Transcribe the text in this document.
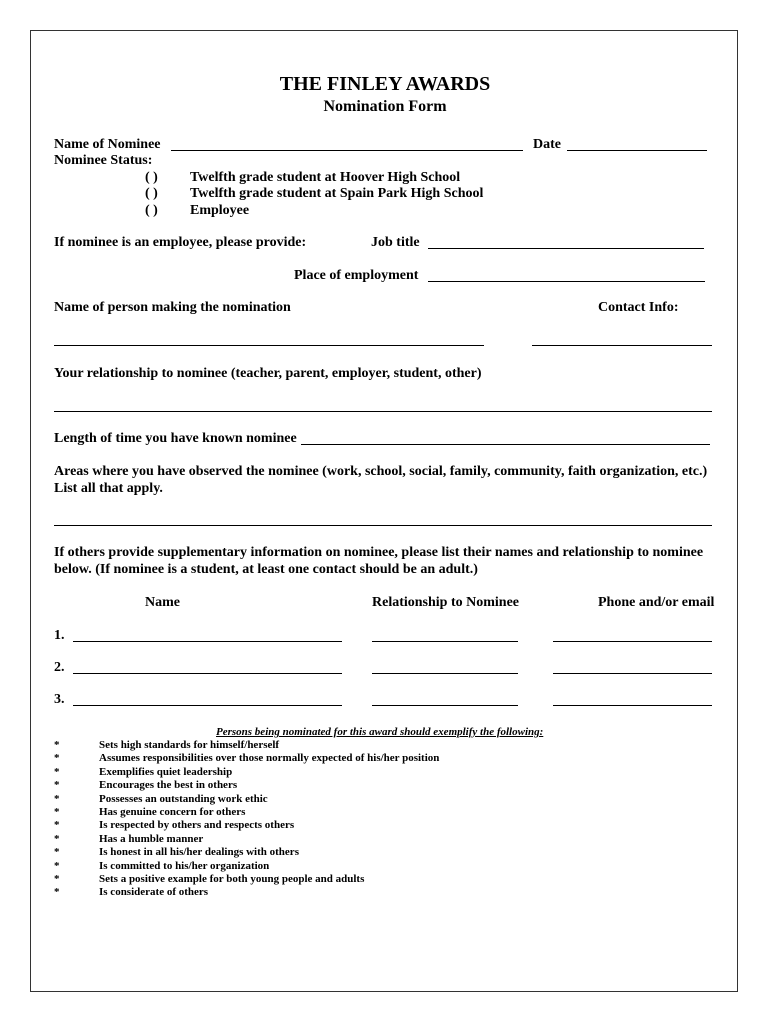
THE FINLEY AWARDS
Nomination Form
Name of Nominee	Date
Nominee Status:
( ) Twelfth grade student at Hoover High School
( ) Twelfth grade student at Spain Park High School
( ) Employee
If nominee is an employee, please provide:	Job title
Place of employment
Name of person making the nomination	Contact Info:
Your relationship to nominee (teacher, parent, employer, student, other)
Length of time you have known nominee
Areas where you have observed the nominee (work, school, social, family, community, faith organization, etc.)
List all that apply.
If others provide supplementary information on nominee, please list their names and relationship to nominee
below. (If nominee is a student, at least one contact should be an adult.)
Name	Relationship to Nominee	Phone and/or email
1.
2.
3.
Persons being nominated for this award should exemplify the following:
*	Sets high standards for himself/herself
*	Assumes responsibilities over those normally expected of his/her position
*	Exemplifies quiet leadership
*	Encourages the best in others
*	Possesses an outstanding work ethic
*	Has genuine concern for others
*	Is respected by others and respects others
*	Has a humble manner
*	Is honest in all his/her dealings with others
*	Is committed to his/her organization
*	Sets a positive example for both young people and adults
*	Is considerate of others
